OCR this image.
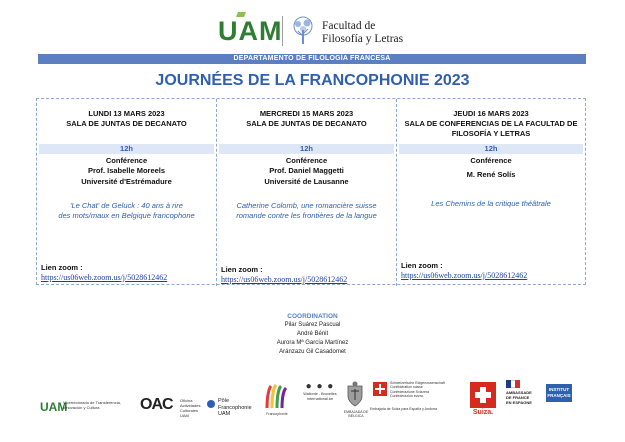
UAM	Facultad de
Filosofía y Letras
DEPARTAMENTO DE FILOLOGÍA FRANCESA
JOURNÉES DE LA FRANCOPHONIE 2023
LUNDI 13 MARS 2023
SALA DE JUNTAS DE DECANATO
12h
Conférence
Prof. Isabelle Moreels
Université d'Estrémadure
'Le Chat' de Geluck : 40 ans à rire
des mots/maux en Belgique francophone
Lien zoom :
https://us06web.zoom.us/j/5028612462
MERCREDI 15 MARS 2023
SALA DE JUNTAS DE DECANATO
12h
Conférence
Prof. Daniel Maggetti
Université de Lausanne
Catherine Colomb, une romancière suisse
romande contre les frontières de la langue
Lien zoom :
https://us06web.zoom.us/j/5028612462
JEUDI 16 MARS 2023
SALA DE CONFERENCIAS DE LA FACULTAD DE
FILOSOFÍA Y LETRAS
12h
Conférence
M. René Solís
Les Chemins de la critique théâtrale
Lien zoom :
https://us06web.zoom.us/j/5028612462
COORDINATION
Pilar Suárez Pascual
André Bénit
Aurora Mª García Martínez
Aránzazu Gil Casadomet
UAM
Vicerrectorado de Transferencia, Innovación y Cultura	OAC Oficina Actividades Culturales UAM
Pôle
Francophonie
UAM	Francophonie
● ● ●
Wallonie - Bruxelles International.be
EMBAJADA DE BÉLGICA
Schweizerische Eidgenossenschaft
Confédération suisse
Confederazione Svizzera
Confederaziun svizra
Embajada de Suiza para España y Andorra	Suiza.
AMBASSADE
DE FRANCE
EN ESPAGNE
INSTITUT
FRANÇAIS
